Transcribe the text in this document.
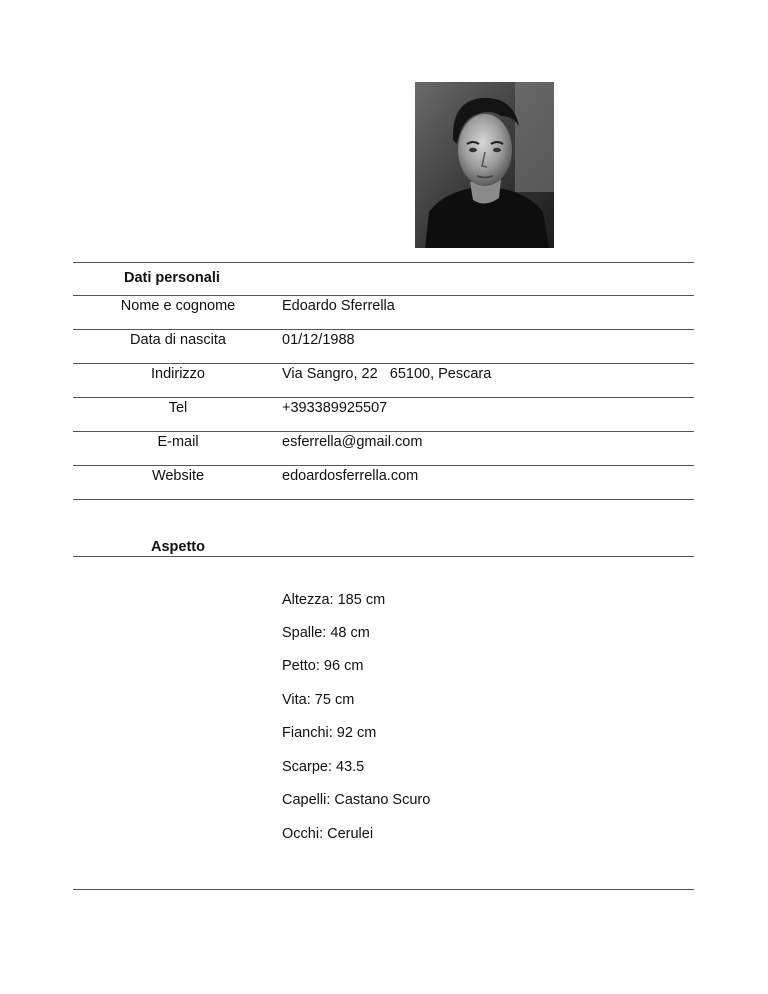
Dati personali
Nome e cognome	Edoardo Sferrella
Data di nascita	01/12/1988
Indirizzo	Via Sangro, 22   65100, Pescara
Tel	+393389925507
E-mail	esferrella@gmail.com
Website	edoardosferrella.com
Aspetto
Altezza: 185 cm
Spalle: 48 cm
Petto: 96 cm
Vita: 75 cm
Fianchi: 92 cm
Scarpe: 43.5
Capelli: Castano Scuro
Occhi: Cerulei
